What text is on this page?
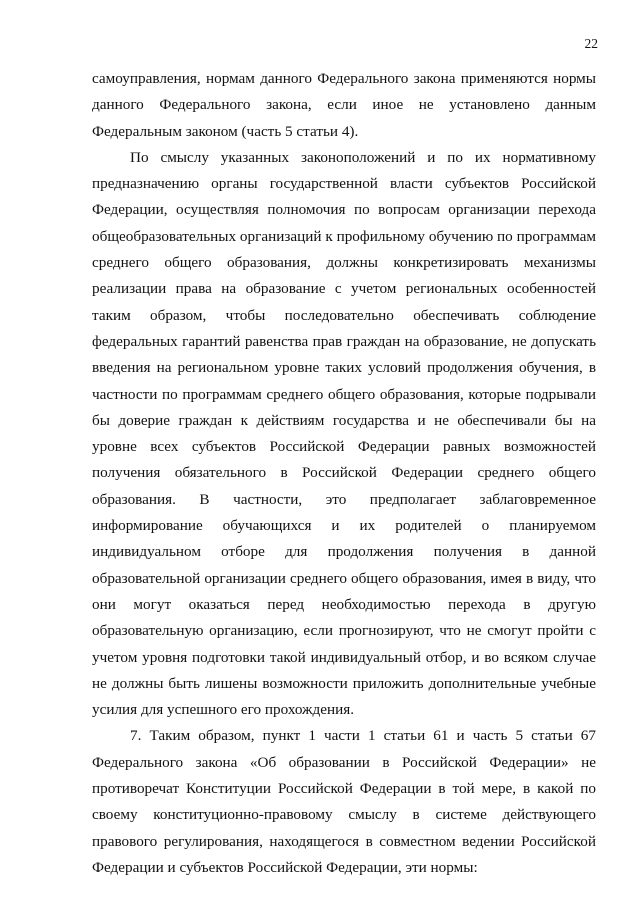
22

самоуправления, нормам данного Федерального закона применяются нормы данного Федерального закона, если иное не установлено данным Федеральным законом (часть 5 статьи 4).

По смыслу указанных законоположений и по их нормативному предназначению органы государственной власти субъектов Российской Федерации, осуществляя полномочия по вопросам организации перехода общеобразовательных организаций к профильному обучению по программам среднего общего образования, должны конкретизировать механизмы реализации права на образование с учетом региональных особенностей таким образом, чтобы последовательно обеспечивать соблюдение федеральных гарантий равенства прав граждан на образование, не допускать введения на региональном уровне таких условий продолжения обучения, в частности по программам среднего общего образования, которые подрывали бы доверие граждан к действиям государства и не обеспечивали бы на уровне всех субъектов Российской Федерации равных возможностей получения обязательного в Российской Федерации среднего общего образования. В частности, это предполагает заблаговременное информирование обучающихся и их родителей о планируемом индивидуальном отборе для продолжения получения в данной образовательной организации среднего общего образования, имея в виду, что они могут оказаться перед необходимостью перехода в другую образовательную организацию, если прогнозируют, что не смогут пройти с учетом уровня подготовки такой индивидуальный отбор, и во всяком случае не должны быть лишены возможности приложить дополнительные учебные усилия для успешного его прохождения.

7. Таким образом, пункт 1 части 1 статьи 61 и часть 5 статьи 67 Федерального закона «Об образовании в Российской Федерации» не противоречат Конституции Российской Федерации в той мере, в какой по своему конституционно-правовому смыслу в системе действующего правового регулирования, находящегося в совместном ведении Российской Федерации и субъектов Российской Федерации, эти нормы:
